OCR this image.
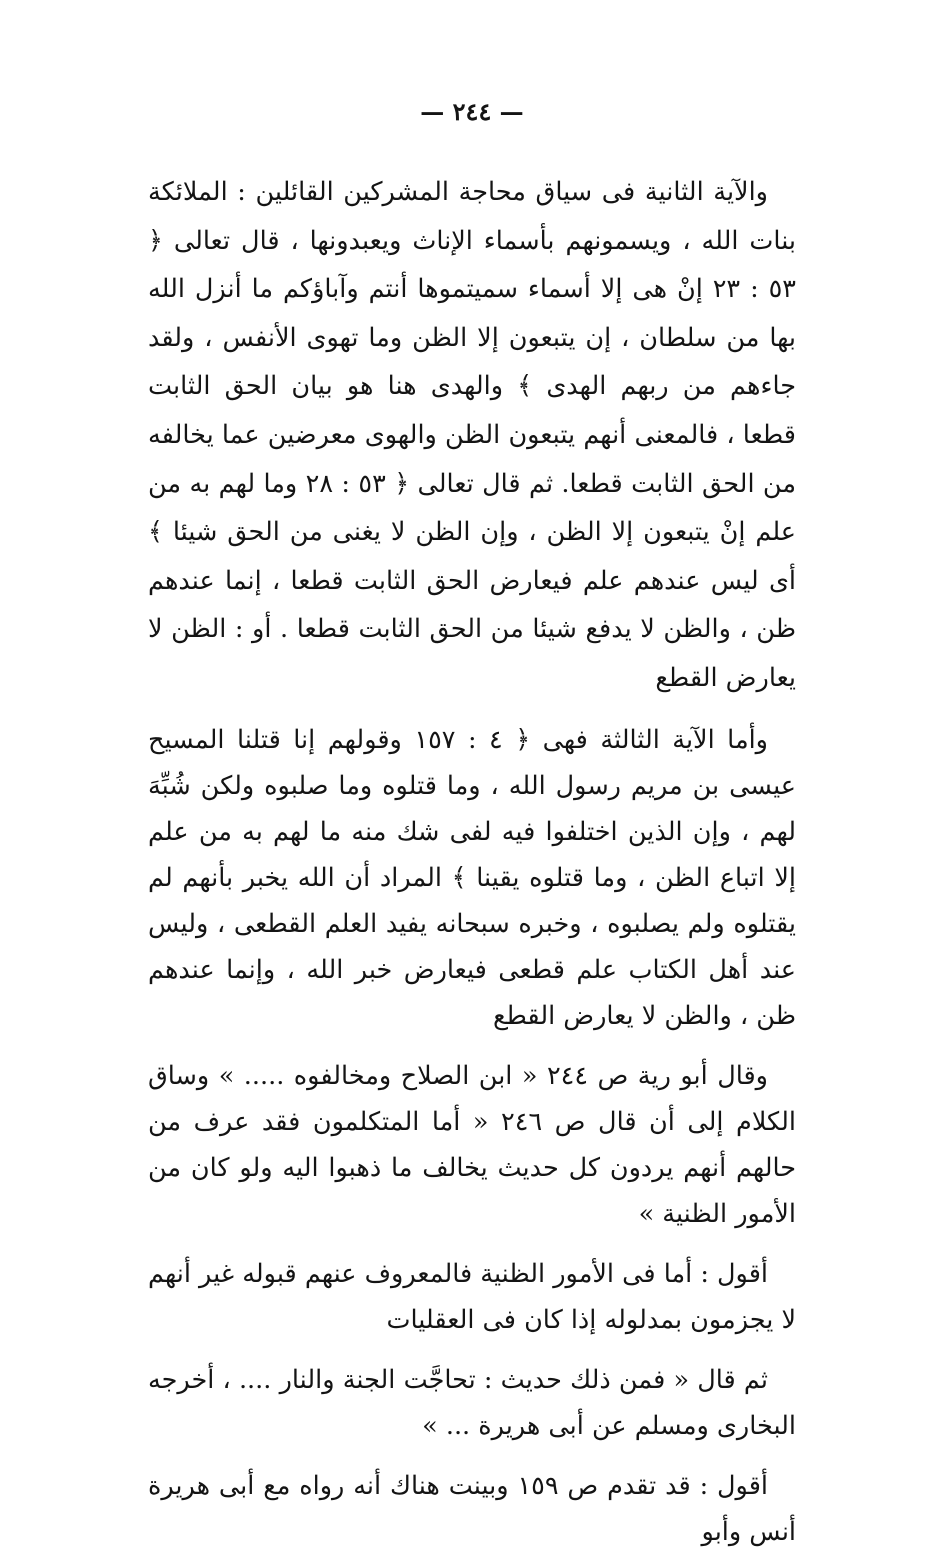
— ٢٤٤ —

والآية الثانية فى سياق محاجة المشركين القائلين : الملائكة بنات الله ، ويسمونهم بأسماء الإناث ويعبدونها ، قال تعالى ﴿ ٥٣ : ٢٣ إنْ هى إلا أسماء سميتموها أنتم وآباؤكم ما أنزل الله بها من سلطان ، إن يتبعون إلا الظن وما تهوى الأنفس ، ولقد جاءهم من ربهم الهدى ﴾ والهدى هنا هو بيان الحق الثابت قطعا ، فالمعنى أنهم يتبعون الظن والهوى معرضين عما يخالفه من الحق الثابت قطعا. ثم قال تعالى ﴿ ٥٣ : ٢٨ وما لهم به من علم إنْ يتبعون إلا الظن ، وإن الظن لا يغنى من الحق شيئا ﴾ أى ليس عندهم علم فيعارض الحق الثابت قطعا ، إنما عندهم ظن ، والظن لا يدفع شيئا من الحق الثابت قطعا . أو : الظن لا يعارض القطع

وأما الآية الثالثة فهى ﴿ ٤ : ١٥٧ وقولهم إنا قتلنا المسيح عيسى بن مريم رسول الله ، وما قتلوه وما صلبوه ولكن شُبِّهَ لهم ، وإن الذين اختلفوا فيه لفى شك منه ما لهم به من علم إلا اتباع الظن ، وما قتلوه يقينا ﴾ المراد أن الله يخبر بأنهم لم يقتلوه ولم يصلبوه ، وخبره سبحانه يفيد العلم القطعى ، وليس عند أهل الكتاب علم قطعى فيعارض خبر الله ، وإنما عندهم ظن ، والظن لا يعارض القطع

وقال أبو رية ص ٢٤٤ « ابن الصلاح ومخالفوه ..... » وساق الكلام إلى أن قال ص ٢٤٦ « أما المتكلمون فقد عرف من حالهم أنهم يردون كل حديث يخالف ما ذهبوا اليه ولو كان من الأمور الظنية »

أقول : أما فى الأمور الظنية فالمعروف عنهم قبوله غير أنهم لا يجزمون بمدلوله إذا كان فى العقليات

ثم قال « فمن ذلك حديث : تحاجَّت الجنة والنار .... ، أخرجه البخارى ومسلم عن أبى هريرة ... »

أقول : قد تقدم ص ١٥٩ وبينت هناك أنه رواه مع أبى هريرة أنس وأبو
